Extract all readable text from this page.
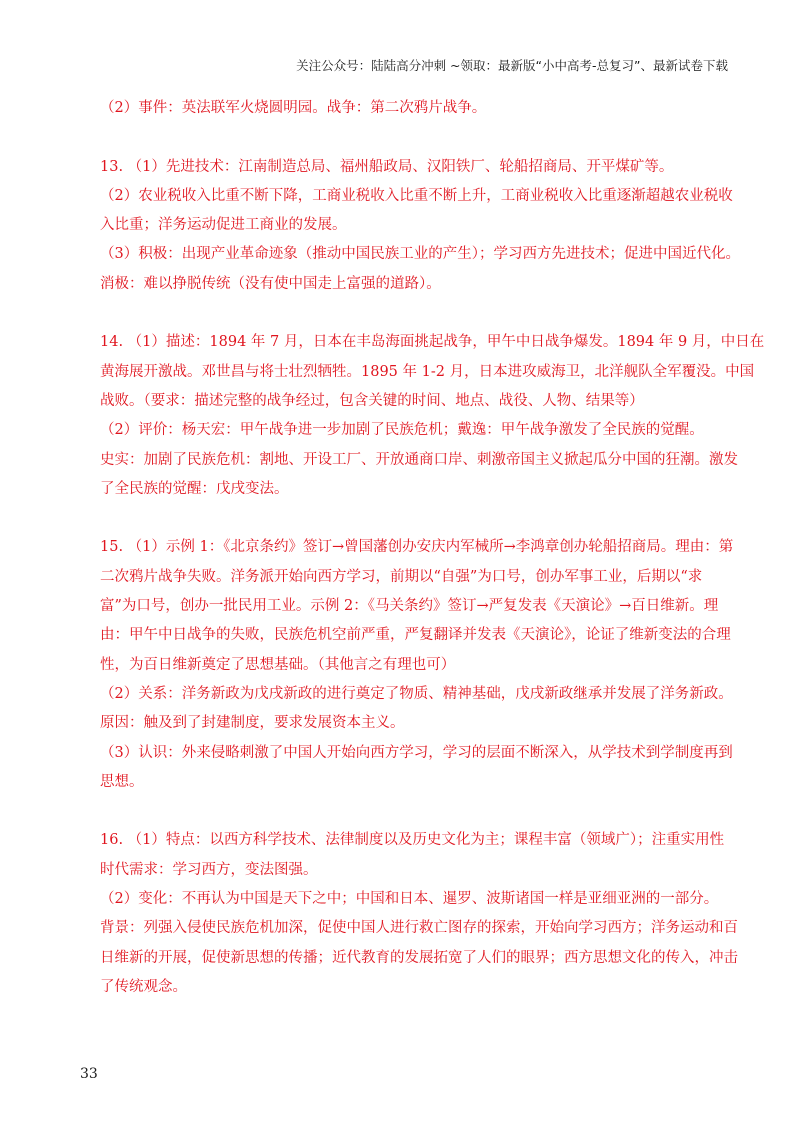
关注公众号：陆陆高分冲刺 ~领取：最新版“小中高考-总复习”、最新试卷下载
（2）事件：英法联军火烧圆明园。战争：第二次鸦片战争。
13. （1）先进技术：江南制造总局、福州船政局、汉阳铁厂、轮船招商局、开平煤矿等。
（2）农业税收入比重不断下降，工商业税收入比重不断上升，工商业税收入比重逐渐超越农业税收
入比重；洋务运动促进工商业的发展。
（3）积极：出现产业革命迹象（推动中国民族工业的产生）；学习西方先进技术；促进中国近代化。
消极：难以挣脱传统（没有使中国走上富强的道路）。
14. （1）描述：1894 年 7 月，日本在丰岛海面挑起战争，甲午中日战争爆发。1894 年 9 月，中日在
黄海展开激战。邓世昌与将士壮烈牺牲。1895 年 1-2 月，日本进攻威海卫，北洋舰队全军覆没。中国
战败。（要求：描述完整的战争经过，包含关键的时间、地点、战役、人物、结果等）
（2）评价：杨天宏：甲午战争进一步加剧了民族危机；戴逸：甲午战争激发了全民族的觉醒。
史实：加剧了民族危机：割地、开设工厂、开放通商口岸、刺激帝国主义掀起瓜分中国的狂潮。激发
了全民族的觉醒：戊戌变法。
15. （1）示例 1：《北京条约》签订→曾国藩创办安庆内军械所→李鸿章创办轮船招商局。理由：第
二次鸦片战争失败。洋务派开始向西方学习，前期以“自强”为口号，创办军事工业，后期以“求
富”为口号，创办一批民用工业。示例 2：《马关条约》签订→严复发表《天演论》→百日维新。理
由：甲午中日战争的失败，民族危机空前严重，严复翻译并发表《天演论》，论证了维新变法的合理
性，为百日维新奠定了思想基础。（其他言之有理也可）
（2）关系：洋务新政为戊戌新政的进行奠定了物质、精神基础，戊戌新政继承并发展了洋务新政。
原因：触及到了封建制度，要求发展资本主义。
（3）认识：外来侵略刺激了中国人开始向西方学习，学习的层面不断深入，从学技术到学制度再到
思想。
16. （1）特点：以西方科学技术、法律制度以及历史文化为主；课程丰富（领域广）；注重实用性
时代需求：学习西方，变法图强。
（2）变化：不再认为中国是天下之中；中国和日本、暹罗、波斯诸国一样是亚细亚洲的一部分。
背景：列强入侵使民族危机加深，促使中国人进行救亡图存的探索，开始向学习西方；洋务运动和百
日维新的开展，促使新思想的传播；近代教育的发展拓宽了人们的眼界；西方思想文化的传入，冲击
了传统观念。
33
